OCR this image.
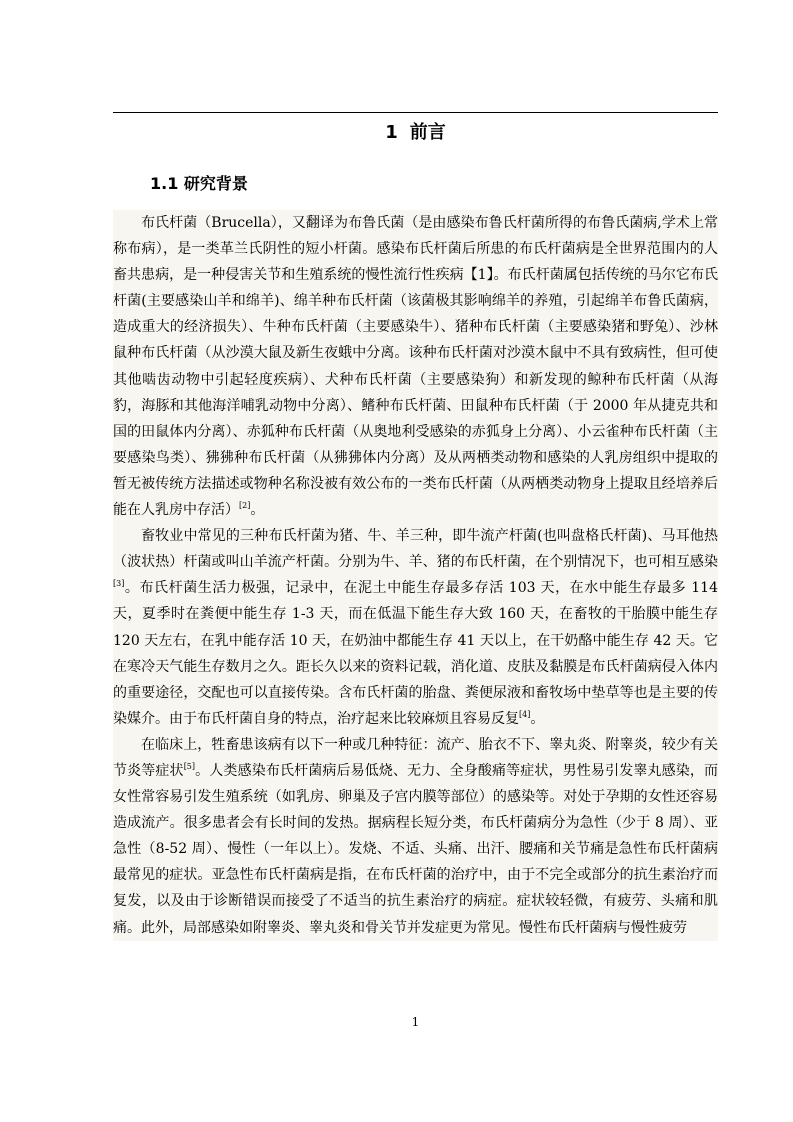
1 前言
1.1 研究背景

布氏杆菌（Brucella），又翻译为布鲁氏菌（是由感染布鲁氏杆菌所得的布鲁氏菌病,学术上常称布病），是一类革兰氏阴性的短小杆菌。感染布氏杆菌后所患的布氏杆菌病是全世界范围内的人畜共患病，是一种侵害关节和生殖系统的慢性流行性疾病【1】。布氏杆菌属包括传统的马尔它布氏杆菌(主要感染山羊和绵羊)、绵羊种布氏杆菌（该菌极其影响绵羊的养殖，引起绵羊布鲁氏菌病，造成重大的经济损失）、牛种布氏杆菌（主要感染牛）、猪种布氏杆菌（主要感染猪和野兔）、沙林鼠种布氏杆菌（从沙漠大鼠及新生夜蛾中分离。该种布氏杆菌对沙漠木鼠中不具有致病性，但可使其他啮齿动物中引起轻度疾病）、犬种布氏杆菌（主要感染狗）和新发现的鲸种布氏杆菌（从海豹，海豚和其他海洋哺乳动物中分离）、鳍种布氏杆菌、田鼠种布氏杆菌（于 2000 年从捷克共和国的田鼠体内分离）、赤狐种布氏杆菌（从奥地利受感染的赤狐身上分离）、小云雀种布氏杆菌（主要感染鸟类）、狒狒种布氏杆菌（从狒狒体内分离）及从两栖类动物和感染的人乳房组织中提取的暂无被传统方法描述或物种名称没被有效公布的一类布氏杆菌（从两栖类动物身上提取且经培养后能在人乳房中存活）[2]。

畜牧业中常见的三种布氏杆菌为猪、牛、羊三种，即牛流产杆菌(也叫盘格氏杆菌)、马耳他热（波状热）杆菌或叫山羊流产杆菌。分别为牛、羊、猪的布氏杆菌，在个别情况下，也可相互感染[3]。布氏杆菌生活力极强，记录中，在泥土中能生存最多存活 103 天，在水中能生存最多 114 天，夏季时在粪便中能生存 1-3 天，而在低温下能生存大致 160 天，在畜牧的干胎膜中能生存 120 天左右，在乳中能存活 10 天，在奶油中都能生存 41 天以上，在干奶酪中能生存 42 天。它在寒冷天气能生存数月之久。距长久以来的资料记载，消化道、皮肤及黏膜是布氏杆菌病侵入体内的重要途径，交配也可以直接传染。含布氏杆菌的胎盘、粪便尿液和畜牧场中垫草等也是主要的传染媒介。由于布氏杆菌自身的特点，治疗起来比较麻烦且容易反复[4]。

在临床上，牲畜患该病有以下一种或几种特征：流产、胎衣不下、睾丸炎、附睾炎，较少有关节炎等症状[5]。人类感染布氏杆菌病后易低烧、无力、全身酸痛等症状，男性易引发睾丸感染，而女性常容易引发生殖系统（如乳房、卵巢及子宫内膜等部位）的感染等。对处于孕期的女性还容易造成流产。很多患者会有长时间的发热。据病程长短分类，布氏杆菌病分为急性（少于 8 周）、亚急性（8-52 周）、慢性（一年以上）。发烧、不适、头痛、出汗、腰痛和关节痛是急性布氏杆菌病最常见的症状。亚急性布氏杆菌病是指，在布氏杆菌的治疗中，由于不完全或部分的抗生素治疗而复发，以及由于诊断错误而接受了不适当的抗生素治疗的病症。症状较轻微，有疲劳、头痛和肌痛。此外，局部感染如附睾炎、睾丸炎和骨关节并发症更为常见。慢性布氏杆菌病与慢性疲劳

1
